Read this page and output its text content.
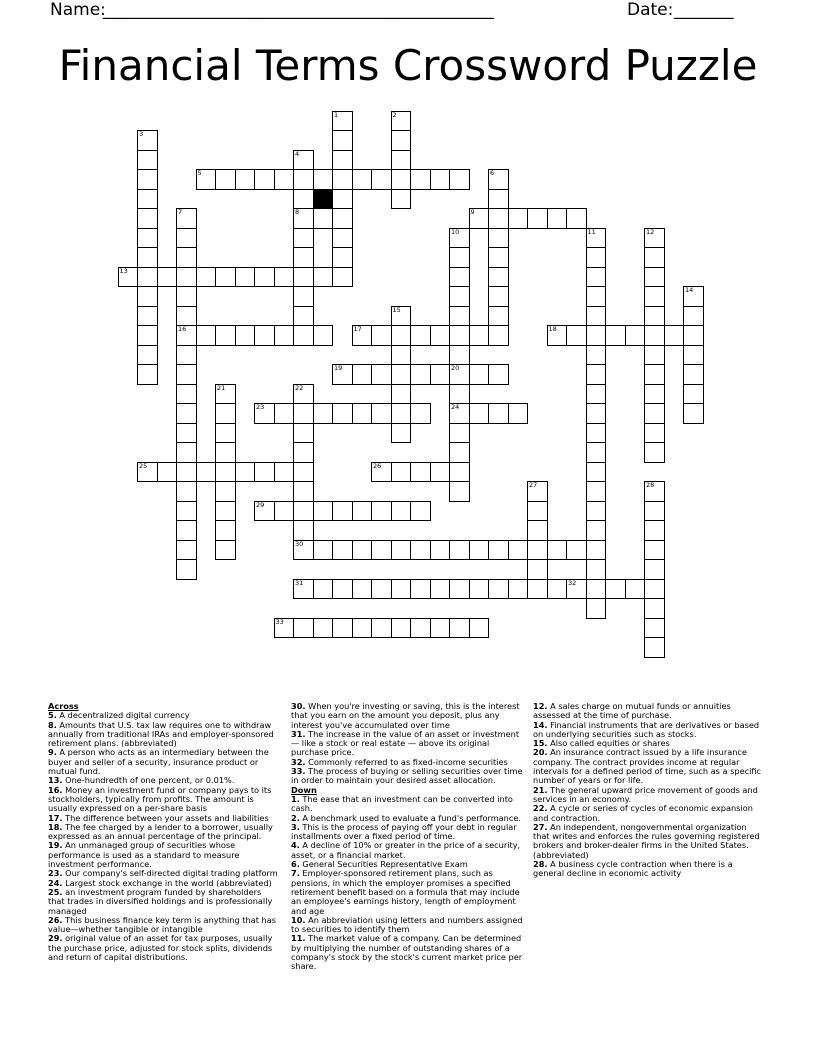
Name:
______________________________________________	Date:
_______
Financial Terms Crossword Puzzle
1	2
3
4
8
5	6
7
16
9
10	11	12
13
14
15
17	18
19	20
24
21	22
30
23
25	26
27	28
29
31	32
33
Across
5. A decentralized digital currency
8. Amounts that U.S. tax law requires one to withdraw annually from traditional IRAs and employer-sponsored retirement plans. (abbreviated)
9. A person who acts as an intermediary between the buyer and seller of a security, insurance product or mutual fund.
13. One-hundredth of one percent, or 0.01%.
16. Money an investment fund or company pays to its stockholders, typically from profits. The amount is usually expressed on a per-share basis
17. The difference between your assets and liabilities
18. The fee charged by a lender to a borrower, usually expressed as an annual percentage of the principal.
19. An unmanaged group of securities whose performance is used as a standard to measure investment performance.
23. Our company's self-directed digital trading platform
24. Largest stock exchange in the world (abbreviated)
25. an investment program funded by shareholders that trades in diversified holdings and is professionally managed
26. This business finance key term is anything that has value—whether tangible or intangible
29. original value of an asset for tax purposes, usually the purchase price, adjusted for stock splits, dividends and return of capital distributions.
30. When you're investing or saving, this is the interest that you earn on the amount you deposit, plus any interest you've accumulated over time
31. The increase in the value of an asset or investment — like a stock or real estate — above its original purchase price.
32. Commonly referred to as fixed-income securities
33. The process of buying or selling securities over time in order to maintain your desired asset allocation.
Down
1. The ease that an investment can be converted into cash.
2. A benchmark used to evaluate a fund's performance.
3. This is the process of paying off your debt in regular installments over a fixed period of time.
4. A decline of 10% or greater in the price of a security, asset, or a financial market.
6. General Securities Representative Exam
7. Employer-sponsored retirement plans, such as pensions, in which the employer promises a specified retirement benefit based on a formula that may include an employee's earnings history, length of employment and age
10. An abbreviation using letters and numbers assigned to securities to identify them
11. The market value of a company. Can be determined by multiplying the number of outstanding shares of a company's stock by the stock's current market price per share.
12. A sales charge on mutual funds or annuities assessed at the time of purchase.
14. Financial instruments that are derivatives or based on underlying securities such as stocks.
15. Also called equities or shares
20. An insurance contract issued by a life insurance company. The contract provides income at regular intervals for a defined period of time, such as a specific number of years or for life.
21. The general upward price movement of goods and services in an economy.
22. A cycle or series of cycles of economic expansion and contraction.
27. An independent, nongovernmental organization that writes and enforces the rules governing registered brokers and broker-dealer firms in the United States. (abbreviated)
28. A business cycle contraction when there is a general decline in economic activity
